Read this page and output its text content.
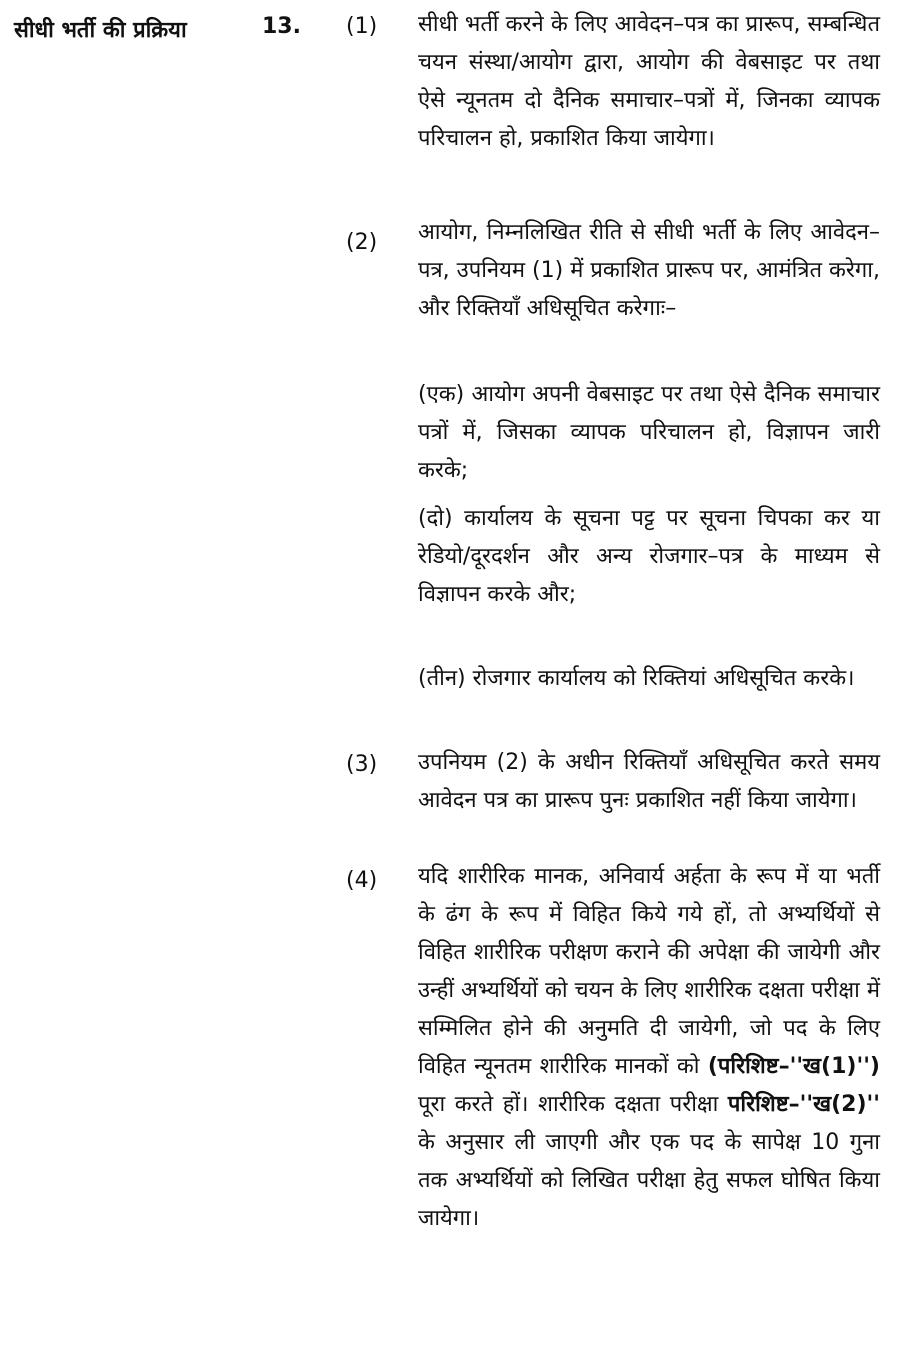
सीधी भर्ती की प्रक्रिया	13. (1) सीधी भर्ती करने के लिए आवेदन–पत्र का प्रारूप, सम्बन्धित चयन संस्था/आयोग द्वारा, आयोग की वेबसाइट पर तथा ऐसे न्यूनतम दो दैनिक समाचार–पत्रों में, जिनका व्यापक परिचालन हो, प्रकाशित किया जायेगा।

(2) आयोग, निम्नलिखित रीति से सीधी भर्ती के लिए आवेदन–पत्र, उपनियम (1) में प्रकाशित प्रारूप पर, आमंत्रित करेगा, और रिक्तियाँ अधिसूचित करेगाः–

(एक) आयोग अपनी वेबसाइट पर तथा ऐसे दैनिक समाचार पत्रों में, जिसका व्यापक परिचालन हो, विज्ञापन जारी करके;

(दो) कार्यालय के सूचना पट्ट पर सूचना चिपका कर या रेडियो/दूरदर्शन और अन्य रोजगार–पत्र के माध्यम से विज्ञापन करके और;

(तीन) रोजगार कार्यालय को रिक्तियां अधिसूचित करके।

(3) उपनियम (2) के अधीन रिक्तियाँ अधिसूचित करते समय आवेदन पत्र का प्रारूप पुनः प्रकाशित नहीं किया जायेगा।

(4) यदि शारीरिक मानक, अनिवार्य अर्हता के रूप में या भर्ती के ढंग के रूप में विहित किये गये हों, तो अभ्यर्थियों से विहित शारीरिक परीक्षण कराने की अपेक्षा की जायेगी और उन्हीं अभ्यर्थियों को चयन के लिए शारीरिक दक्षता परीक्षा में सम्मिलित होने की अनुमति दी जायेगी, जो पद के लिए विहित न्यूनतम शारीरिक मानकों को (परिशिष्ट–''ख(1)'') पूरा करते हों। शारीरिक दक्षता परीक्षा परिशिष्ट–''ख(2)'' के अनुसार ली जाएगी और एक पद के सापेक्ष 10 गुना तक अभ्यर्थियों को लिखित परीक्षा हेतु सफल घोषित किया जायेगा।
